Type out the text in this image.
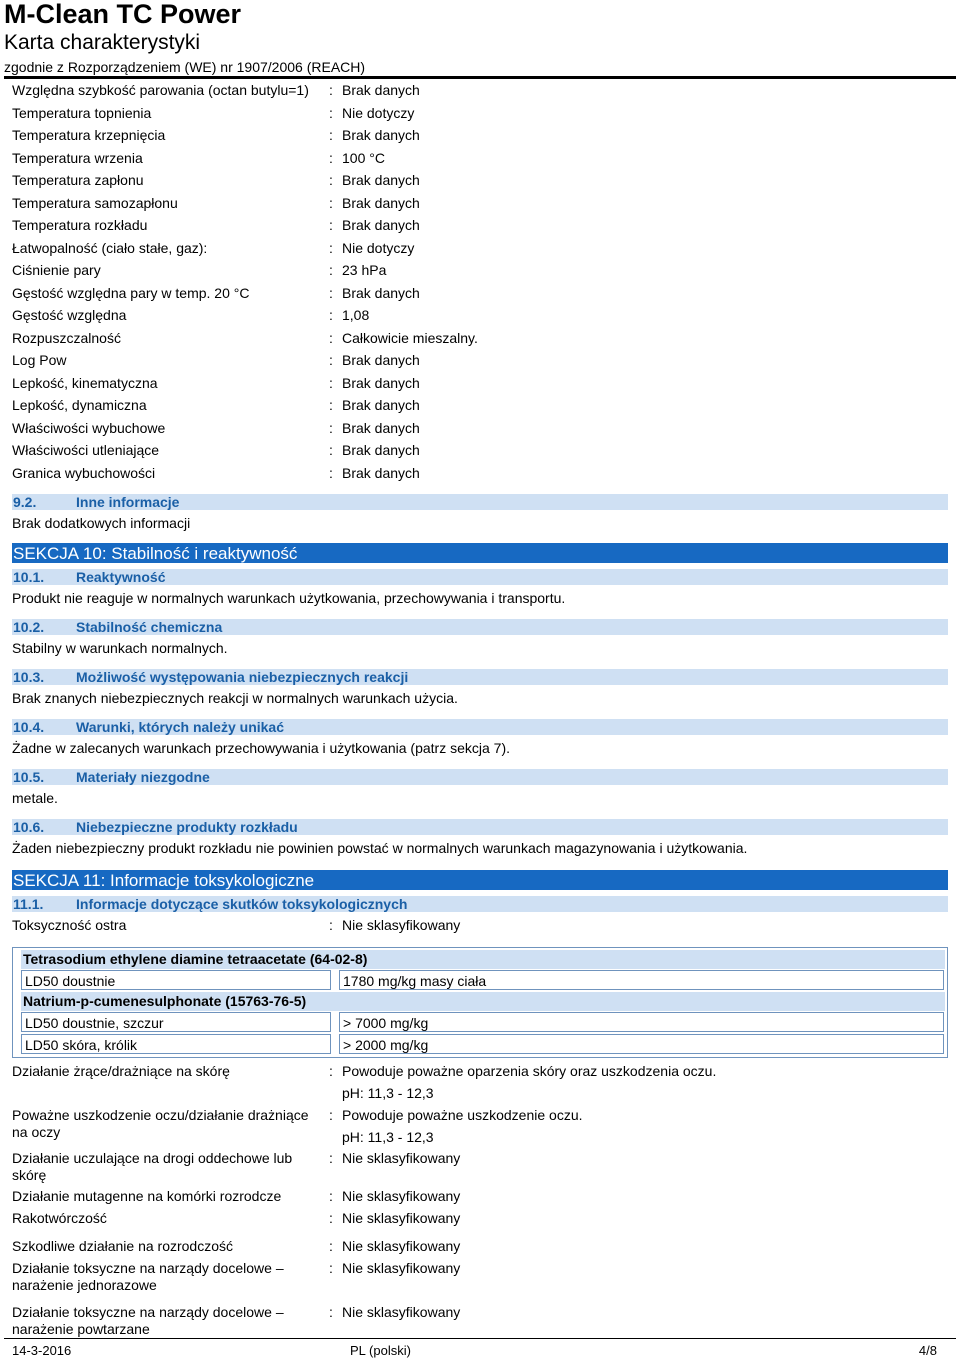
M-Clean TC Power
Karta charakterystyki
zgodnie z Rozporządzeniem (WE) nr 1907/2006 (REACH)
Względna szybkość parowania (octan butylu=1) : Brak danych
Temperatura topnienia	: Nie dotyczy
Temperatura krzepnięcia	: Brak danych
Temperatura wrzenia	: 100 °C
Temperatura zapłonu	: Brak danych
Temperatura samozapłonu	: Brak danych
Temperatura rozkładu	: Brak danych
Łatwopalność (ciało stałe, gaz):	: Nie dotyczy
Ciśnienie pary	: 23 hPa
Gęstość względna pary w temp. 20 °C	: Brak danych
Gęstość względna	: 1,08
Rozpuszczalność	: Całkowicie mieszalny.
Log Pow	: Brak danych
Lepkość, kinematyczna	: Brak danych
Lepkość, dynamiczna	: Brak danych
Właściwości wybuchowe	: Brak danych
Właściwości utleniające	: Brak danych
Granica wybuchowości	: Brak danych
9.2.	Inne informacje
Brak dodatkowych informacji
SEKCJA 10: Stabilność i reaktywność
10.1. Reaktywność
Produkt nie reaguje w normalnych warunkach użytkowania, przechowywania i transportu.
10.2. Stabilność chemiczna
Stabilny w warunkach normalnych.
10.3. Możliwość występowania niebezpiecznych reakcji
Brak znanych niebezpiecznych reakcji w normalnych warunkach użycia.
10.4. Warunki, których należy unikać
Żadne w zalecanych warunkach przechowywania i użytkowania (patrz sekcja 7).
10.5. Materiały niezgodne
metale.
10.6. Niebezpieczne produkty rozkładu
Żaden niebezpieczny produkt rozkładu nie powinien powstać w normalnych warunkach magazynowania i użytkowania.
SEKCJA 11: Informacje toksykologiczne
11.1. Informacje dotyczące skutków toksykologicznych
Toksyczność ostra	: Nie sklasyfikowany
Tetrasodium ethylene diamine tetraacetate (64-02-8)
LD50 doustnie	1780 mg/kg masy ciała
Natrium-p-cumenesulphonate (15763-76-5)
LD50 doustnie, szczur	> 7000 mg/kg
LD50 skóra, królik	> 2000 mg/kg
Działanie żrące/drażniące na skórę	: Powoduje poważne oparzenia skóry oraz uszkodzenia oczu.
pH: 11,3 - 12,3
Poważne uszkodzenie oczu/działanie drażniące na oczy
: Powoduje poważne uszkodzenie oczu.
pH: 11,3 - 12,3
Działanie uczulające na drogi oddechowe lub skórę
: Nie sklasyfikowany
Działanie mutagenne na komórki rozrodcze	: Nie sklasyfikowany
Rakotwórczość	: Nie sklasyfikowany
Szkodliwe działanie na rozrodczość	: Nie sklasyfikowany
Działanie toksyczne na narządy docelowe – narażenie jednorazowe
: Nie sklasyfikowany
Działanie toksyczne na narządy docelowe – narażenie powtarzane
: Nie sklasyfikowany
14-3-2016	PL (polski)	4/8
